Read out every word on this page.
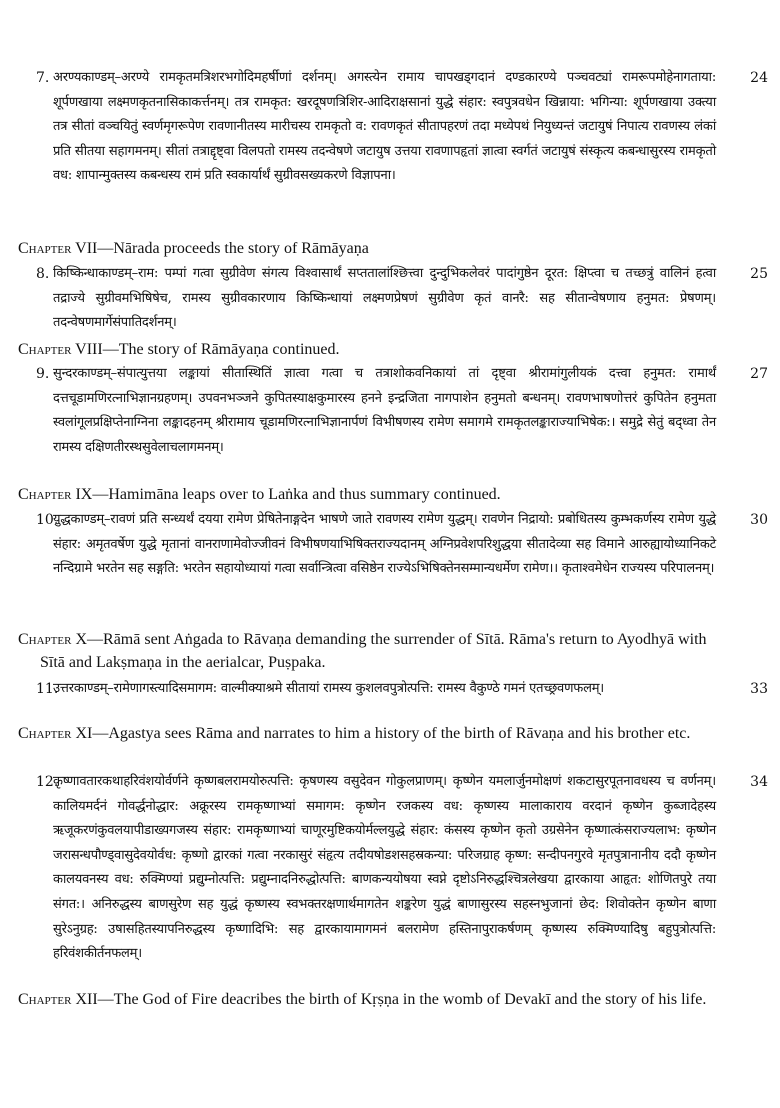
7. अरण्यकाण्डम्–अरण्ये रामकृतमत्रिशरभगोदिमहर्षीणां दर्शनम्। अगस्त्येन रामाय चापखड्गदानं दण्डकारण्ये पञ्चवट्यां रामरूपमोहेनागताया: शूर्पणखाया लक्ष्मणकृतनासिकाकर्त्तनम्। तत्र रामकृत: खरदूषणत्रिशिर-आदिराक्षसानां युद्धे संहार: स्वपुत्रवधेन खिन्नाया: भगिन्या: शूर्पणखाया उक्त्या तत्र सीतां वञ्चयितुं स्वर्णमृगरूपेण रावणानीतस्य मारीचस्य रामकृतो व: रावणकृतं सीतापहरणं तदा मध्येपथं नियुध्यन्तं जटायुषं निपात्य रावणस्य लंकां प्रति सीतया सहागमनम्। सीतां तत्राद्दृष्ट्वा विलपतो रामस्य तदन्वेषणे जटायुष उत्तया रावणापहृतां ज्ञात्वा स्वर्गतं जटायुषं संस्कृत्य कबन्धासुरस्य रामकृतो वध: शापान्मुक्तस्य कबन्धस्य रामं प्रति स्वकार्यार्थं सुग्रीवसख्यकरणे विज्ञापना।
24
Chapter VII—Nārada proceeds the story of Rāmāyaṇa
8. किष्किन्धाकाण्डम्–राम: पम्पां गत्वा सुग्रीवेण संगत्य विश्वासार्थं सप्ततालांश्छित्त्वा दुन्दुभिकलेवरं पादांगुष्ठेन दूरत: क्षिप्त्वा च तच्छत्रुं वालिनं हत्वा तद्राज्ये सुग्रीवमभिषिषेच, रामस्य सुग्रीवकारणाय किष्किन्धायां लक्ष्मणप्रेषणं सुग्रीवेण कृतं वानरै: सह सीतान्वेषणाय हनुमत: प्रेषणम्। तदन्वेषणमार्गेसंपातिदर्शनम्।
25
Chapter VIII—The story of Rāmāyaṇa continued.
9. सुन्दरकाण्डम्–संपात्युत्तया लङ्कायां सीतास्थितिं ज्ञात्वा गत्वा च तत्राशोकवनिकायां तां दृष्ट्वा श्रीरामांगुलीयकं दत्त्वा हनुमत: रामार्थं दत्तचूडामणिरत्नाभिज्ञानग्रहणम्। उपवनभञ्जने कुपितस्याक्षकुमारस्य हनने इन्द्रजिता नागपाशेन हनुमतो बन्धनम्। रावणभाषणोत्तरं कुपितेन हनुमता स्वलांगूलप्रक्षिप्तेनाग्निना लङ्कादहनम् श्रीरामाय चूडामणिरत्नाभिज्ञानार्पणं विभीषणस्य रामेण समागमे रामकृतलङ्काराज्याभिषेक:। समुद्रे सेतुं बद्ध्वा तेन रामस्य दक्षिणतीरस्थसुवेलाचलागमनम्।
27
Chapter IX—Hamimāna leaps over to Laṅka and thus summary continued.
10.
युद्धकाण्डम्–रावणं प्रति सन्ध्यर्थं दयया रामेण प्रेषितेनाङ्गदेन भाषणे जाते रावणस्य रामेण युद्धम्। रावणेन निद्रायो: प्रबोधितस्य कुम्भकर्णस्य रामेण युद्धे संहार: अमृतवर्षेण युद्धे मृतानां वानराणामेवोज्जीवनं विभीषणयाभिषिक्तराज्यदानम् अग्निप्रवेशपरिशुद्धया सीतादेव्या सह विमाने आरुह्यायोध्यानिकटे नन्दिग्रामे भरतेन सह सङ्गति: भरतेन सहायोध्यायां गत्वा सर्वान्त्रित्वा वसिष्ठेन राज्येऽभिषिक्तेनसम्मान्यधर्मेण रामेण।। कृताश्वमेधेन राज्यस्य परिपालनम्।
30
Chapter X—Rāmā sent Aṅgada to Rāvaṇa demanding the surrender of Sītā. Rāma's return to Ayodhyā with Sītā and Lakṣmaṇa in the aerialcar, Puṣpaka.
11.
उत्तरकाण्डम्–रामेणागस्त्यादिसमागम: वाल्मीक्याश्रमे सीतायां रामस्य कुशलवपुत्रोत्पत्ति: रामस्य वैकुण्ठे गमनं एतच्छ्रवणफलम्।	33
Chapter XI—Agastya sees Rāma and narrates to him a history of the birth of Rāvaṇa and his brother etc.
12.
कृष्णावतारकथाहरिवंशयोर्वर्णने कृष्णबलरामयोरुत्पत्ति: कृषणस्य वसुदेवन गोकुलप्राणम्। कृष्णेन यमलार्जुनमोक्षणं शकटासुरपूतनावधस्य च वर्णनम्। कालियमर्दनं गोवर्द्धनोद्धार: अक्रूरस्य रामकृष्णाभ्यां समागम: कृष्णेन रजकस्य वध: कृष्णस्य मालाकाराय वरदानं कृष्णेन कुब्जादेहस्य ऋजूकरणंकुवलयापीडाख्यगजस्य संहार: रामकृष्णाभ्यां चाणूरमुष्टिकयोर्मल्लयुद्धे संहार: कंसस्य कृष्णेन कृतो उग्रसेनेन कृष्णात्कंसराज्यलाभ: कृष्णेन जरासन्धपौण्ड्वासुदेवयोर्वध: कृष्णो द्वारकां गत्वा नरकासुरं संहृत्य तदीयषोडशसहस्रकन्या: परिजग्राह कृष्ण: सन्दीपनगुरवे मृतपुत्रानानीय ददौ कृष्णेन कालयवनस्य वध: रुक्मिण्यां प्रद्युम्नोत्पत्ति: प्रद्युम्नादनिरुद्धोत्पत्ति: बाणकन्ययोषया स्वप्ने दृष्टोऽनिरुद्धश्चित्रलेखया द्वारकाया आहृत: शोणितपुरे तया संगत:। अनिरुद्धस्य बाणसुरेण सह युद्धं कृष्णस्य स्वभक्तरक्षणार्थमागतेन शङ्करेण युद्धं बाणासुरस्य सहस्नभुजानां छेद: शिवोक्तेन कृष्णेन बाणा सुरेऽनुग्रह: उषासहितस्यापनिरुद्धस्य कृष्णादिभि: सह द्वारकायामागमनं बलरामेण हस्तिनापुराकर्षणम् कृष्णस्य रुक्मिण्यादिषु बहुपुत्रोत्पत्ति: हरिवंशकीर्तनफलम्।
34
Chapter XII—The God of Fire deacribes the birth of Kṛṣṇa in the womb of Devakī and the story of his life.
